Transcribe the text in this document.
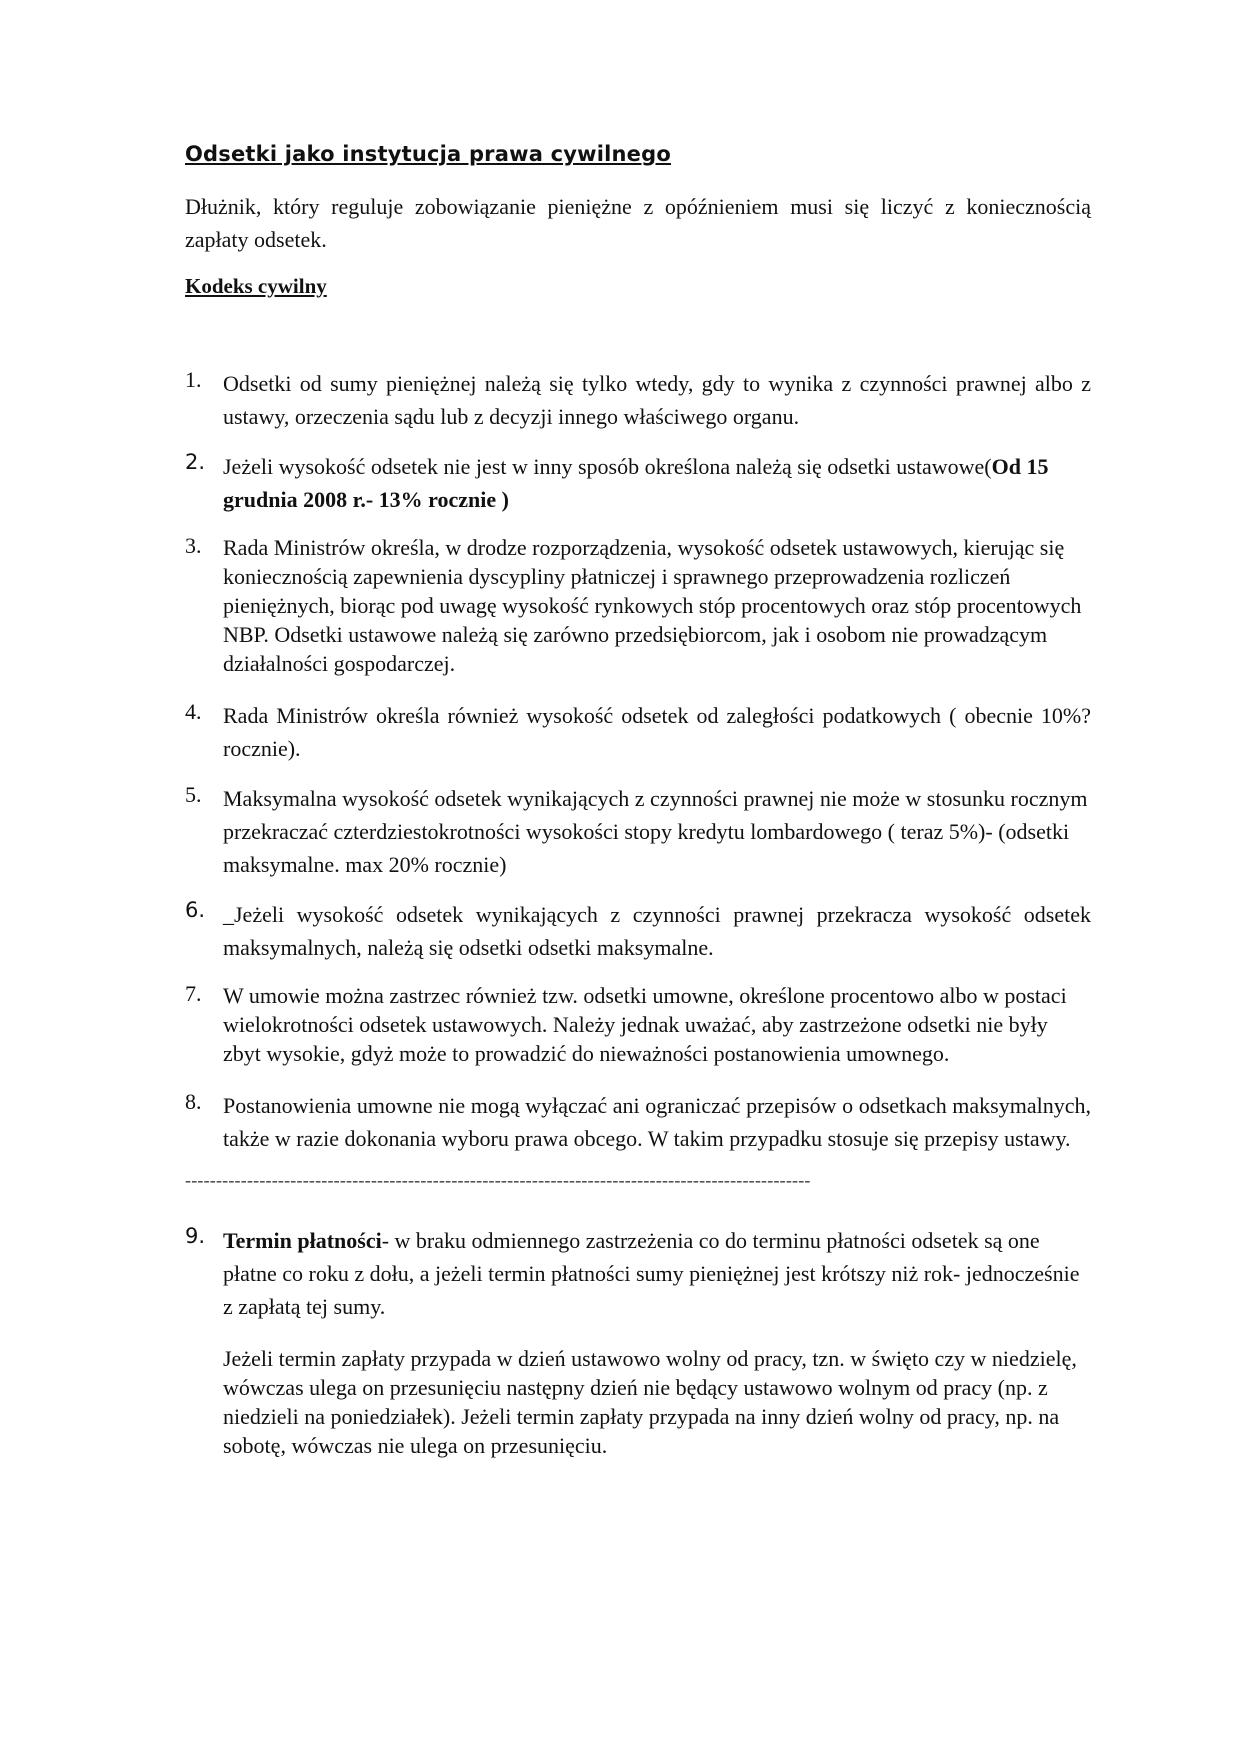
Odsetki jako instytucja prawa cywilnego

Dłużnik, który reguluje zobowiązanie pieniężne z opóźnieniem musi się liczyć z koniecznością zapłaty odsetek.

Kodeks cywilny
1. Odsetki od sumy pieniężnej należą się tylko wtedy, gdy to wynika z czynności prawnej albo z ustawy, orzeczenia sądu lub z decyzji innego właściwego organu.
2. Jeżeli wysokość odsetek nie jest w inny sposób określona należą się odsetki ustawowe(Od 15 grudnia 2008 r.- 13% rocznie )
3. Rada Ministrów określa, w drodze rozporządzenia, wysokość odsetek ustawowych, kierując się koniecznością zapewnienia dyscypliny płatniczej i sprawnego przeprowadzenia rozliczeń pieniężnych, biorąc pod uwagę wysokość rynkowych stóp procentowych oraz stóp procentowych NBP. Odsetki ustawowe należą się zarówno przedsiębiorcom, jak i osobom nie prowadzącym działalności gospodarczej.
4. Rada Ministrów określa również wysokość odsetek od zaległości podatkowych ( obecnie 10%? rocznie).
5. Maksymalna wysokość odsetek wynikających z czynności prawnej nie może w stosunku rocznym przekraczać czterdziestokrotności wysokości stopy kredytu lombardowego ( teraz 5%)- (odsetki maksymalne. max 20% rocznie)
6. _Jeżeli wysokość odsetek wynikających z czynności prawnej przekracza wysokość odsetek maksymalnych, należą się odsetki odsetki maksymalne.
7. W umowie można zastrzec również tzw. odsetki umowne, określone procentowo albo w postaci wielokrotności odsetek ustawowych. Należy jednak uważać, aby zastrzeżone odsetki nie były zbyt wysokie, gdyż może to prowadzić do nieważności postanowienia umownego.
8. Postanowienia umowne nie mogą wyłączać ani ograniczać przepisów o odsetkach maksymalnych, także w razie dokonania wyboru prawa obcego. W takim przypadku stosuje się przepisy ustawy.
-----------------------------------------------------------------------------------------------------
9. Termin płatności- w braku odmiennego zastrzeżenia co do terminu płatności odsetek są one płatne co roku z dołu, a jeżeli termin płatności sumy pieniężnej jest krótszy niż rok- jednocześnie z zapłatą tej sumy.

Jeżeli termin zapłaty przypada w dzień ustawowo wolny od pracy, tzn. w święto czy w niedzielę, wówczas ulega on przesunięciu następny dzień nie będący ustawowo wolnym od pracy (np. z niedzieli na poniedziałek). Jeżeli termin zapłaty przypada na inny dzień wolny od pracy, np. na sobotę, wówczas nie ulega on przesunięciu.
